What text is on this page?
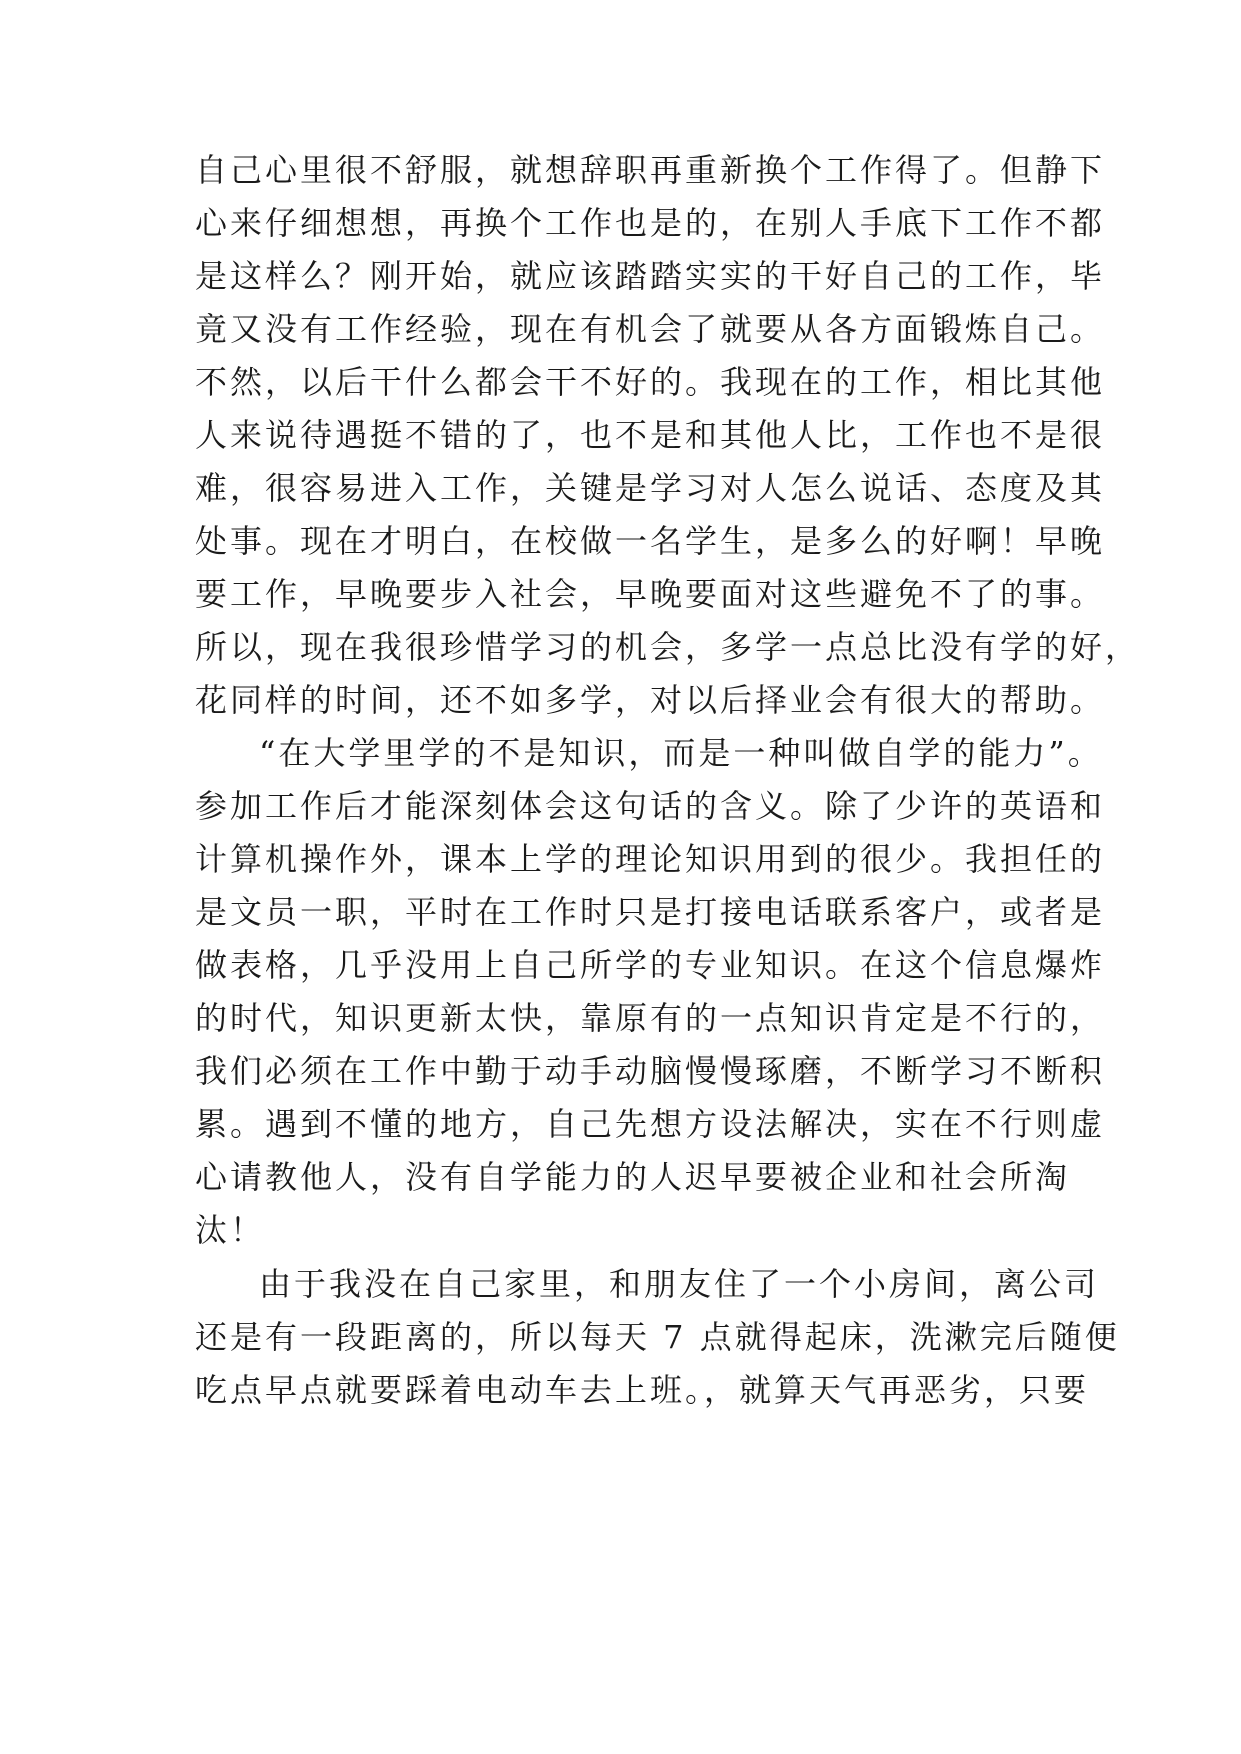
自己心里很不舒服，就想辞职再重新换个工作得了。但静下
心来仔细想想，再换个工作也是的，在别人手底下工作不都
是这样么？刚开始，就应该踏踏实实的干好自己的工作，毕
竟又没有工作经验，现在有机会了就要从各方面锻炼自己。
不然，以后干什么都会干不好的。我现在的工作，相比其他
人来说待遇挺不错的了，也不是和其他人比，工作也不是很
难，很容易进入工作，关键是学习对人怎么说话、态度及其
处事。现在才明白，在校做一名学生，是多么的好啊！早晚
要工作，早晚要步入社会，早晚要面对这些避免不了的事。
所以，现在我很珍惜学习的机会，多学一点总比没有学的好，
花同样的时间，还不如多学，对以后择业会有很大的帮助。
“在大学里学的不是知识，而是一种叫做自学的能力”。
参加工作后才能深刻体会这句话的含义。除了少许的英语和
计算机操作外，课本上学的理论知识用到的很少。我担任的
是文员一职，平时在工作时只是打接电话联系客户，或者是
做表格，几乎没用上自己所学的专业知识。在这个信息爆炸
的时代，知识更新太快，靠原有的一点知识肯定是不行的，
我们必须在工作中勤于动手动脑慢慢琢磨，不断学习不断积
累。遇到不懂的地方，自己先想方设法解决，实在不行则虚
心请教他人，没有自学能力的人迟早要被企业和社会所淘
汰！
由于我没在自己家里，和朋友住了一个小房间，离公司
还是有一段距离的，所以每天 7 点就得起床，洗漱完后随便
吃点早点就要踩着电动车去上班。，就算天气再恶劣，只要
